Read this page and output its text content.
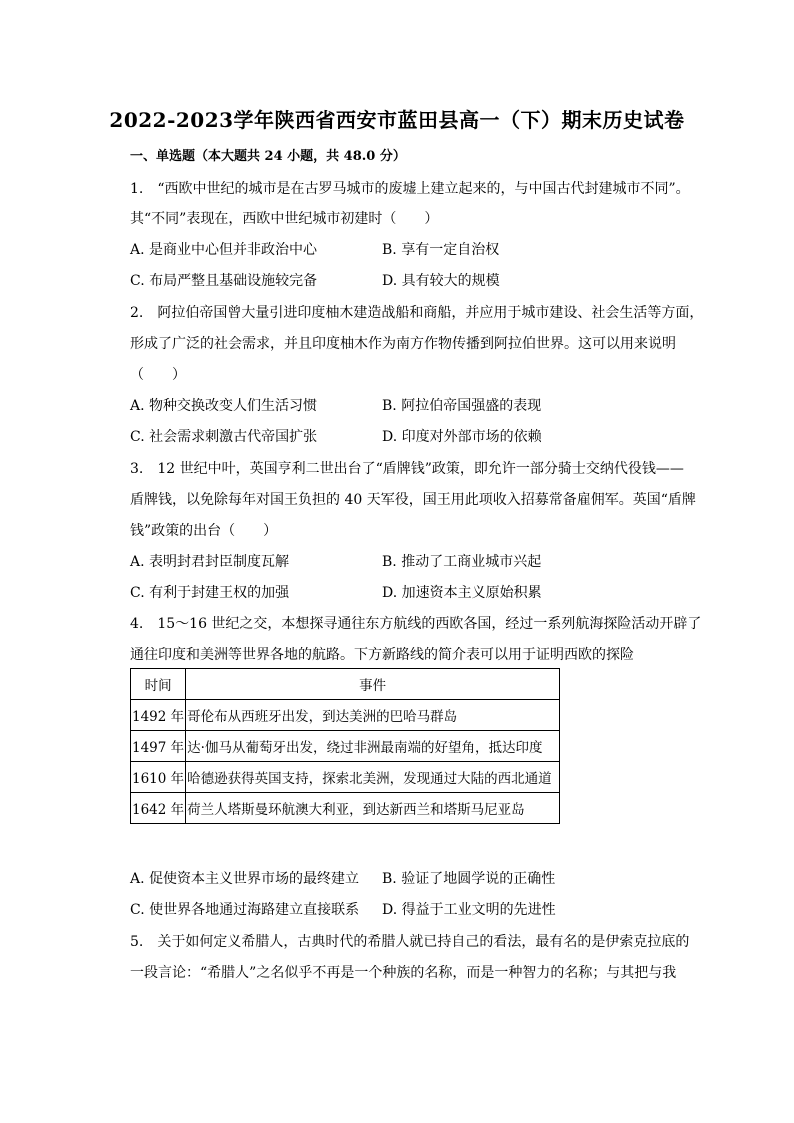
2022-2023学年陕西省西安市蓝田县高一（下）期末历史试卷
一、单选题（本大题共 24 小题，共 48.0 分）
1.　“西欧中世纪的城市是在古罗马城市的废墟上建立起来的，与中国古代封建城市不同”。
其“不同”表现在，西欧中世纪城市初建时（　　）
A. 是商业中心但并非政治中心	B. 享有一定自治权
C. 布局严整且基础设施较完备	D. 具有较大的规模
2.　阿拉伯帝国曾大量引进印度柚木建造战船和商船，并应用于城市建设、社会生活等方面，
形成了广泛的社会需求，并且印度柚木作为南方作物传播到阿拉伯世界。这可以用来说明
（　　）
A. 物种交换改变人们生活习惯	B. 阿拉伯帝国强盛的表现
C. 社会需求刺激古代帝国扩张	D. 印度对外部市场的依赖
3.　12 世纪中叶，英国亨利二世出台了“盾牌钱”政策，即允许一部分骑士交纳代役钱——
盾牌钱，以免除每年对国王负担的 40 天军役，国王用此项收入招募常备雇佣军。英国“盾牌
钱”政策的出台（　　）
A. 表明封君封臣制度瓦解	B. 推动了工商业城市兴起
C. 有利于封建王权的加强	D. 加速资本主义原始积累
4.　15～16 世纪之交，本想探寻通往东方航线的西欧各国，经过一系列航海探险活动开辟了
通往印度和美洲等世界各地的航路。下方新路线的简介表可以用于证明西欧的探险
时间	事件
1492 年	哥伦布从西班牙出发，到达美洲的巴哈马群岛
1497 年	达·伽马从葡萄牙出发，绕过非洲最南端的好望角，抵达印度
1610 年	哈德逊获得英国支持，探索北美洲，发现通过大陆的西北通道
1642 年	荷兰人塔斯曼环航澳大利亚，到达新西兰和塔斯马尼亚岛
A. 促使资本主义世界市场的最终建立 B. 验证了地圆学说的正确性
C. 使世界各地通过海路建立直接联系 D. 得益于工业文明的先进性
5.　关于如何定义希腊人，古典时代的希腊人就已持自己的看法，最有名的是伊索克拉底的
一段言论：“希腊人”之名似乎不再是一个种族的名称，而是一种智力的名称；与其把与我
